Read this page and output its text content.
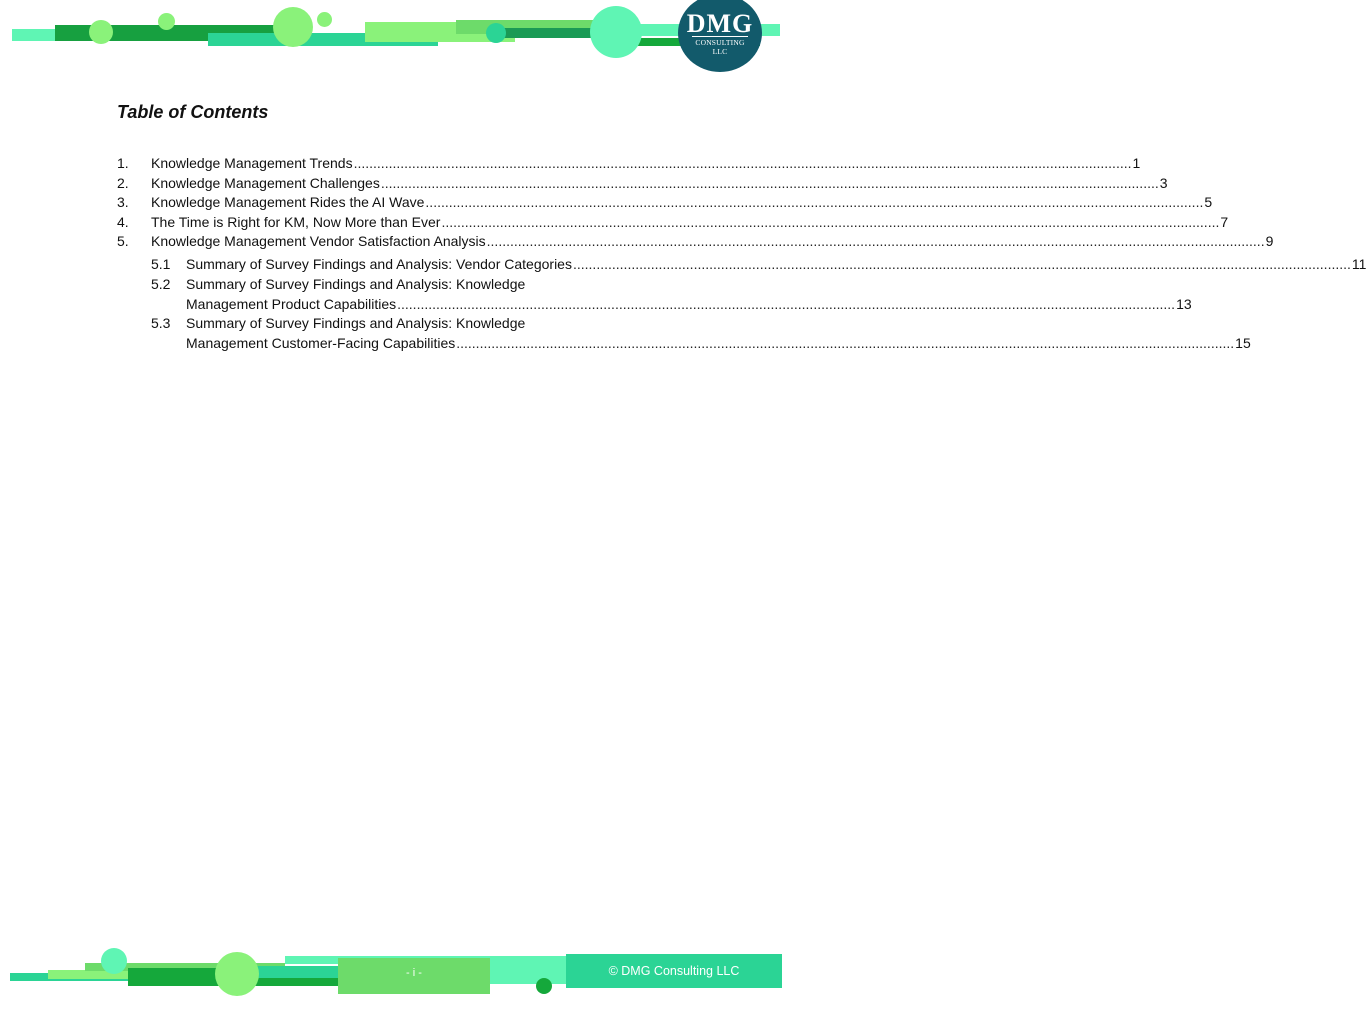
DMG
CONSULTING LLC
Table of Contents
1. Knowledge Management Trends ........................................................................................................................................................................................................ 1
2. Knowledge Management Challenges ........................................................................................................................................................................................................ 3
3. Knowledge Management Rides the AI Wave ........................................................................................................................................................................................................ 5
4. The Time is Right for KM, Now More than Ever ........................................................................................................................................................................................................ 7
5. Knowledge Management Vendor Satisfaction Analysis ........................................................................................................................................................................................................ 9
5.1 Summary of Survey Findings and Analysis: Vendor Categories ........................................................................................................................................................................................................ 11
5.2 Summary of Survey Findings and Analysis: Knowledge
Management Product Capabilities ........................................................................................................................................................................................................ 13
5.3 Summary of Survey Findings and Analysis: Knowledge
Management Customer-Facing Capabilities ........................................................................................................................................................................................................ 15
- i -	© DMG Consulting LLC
